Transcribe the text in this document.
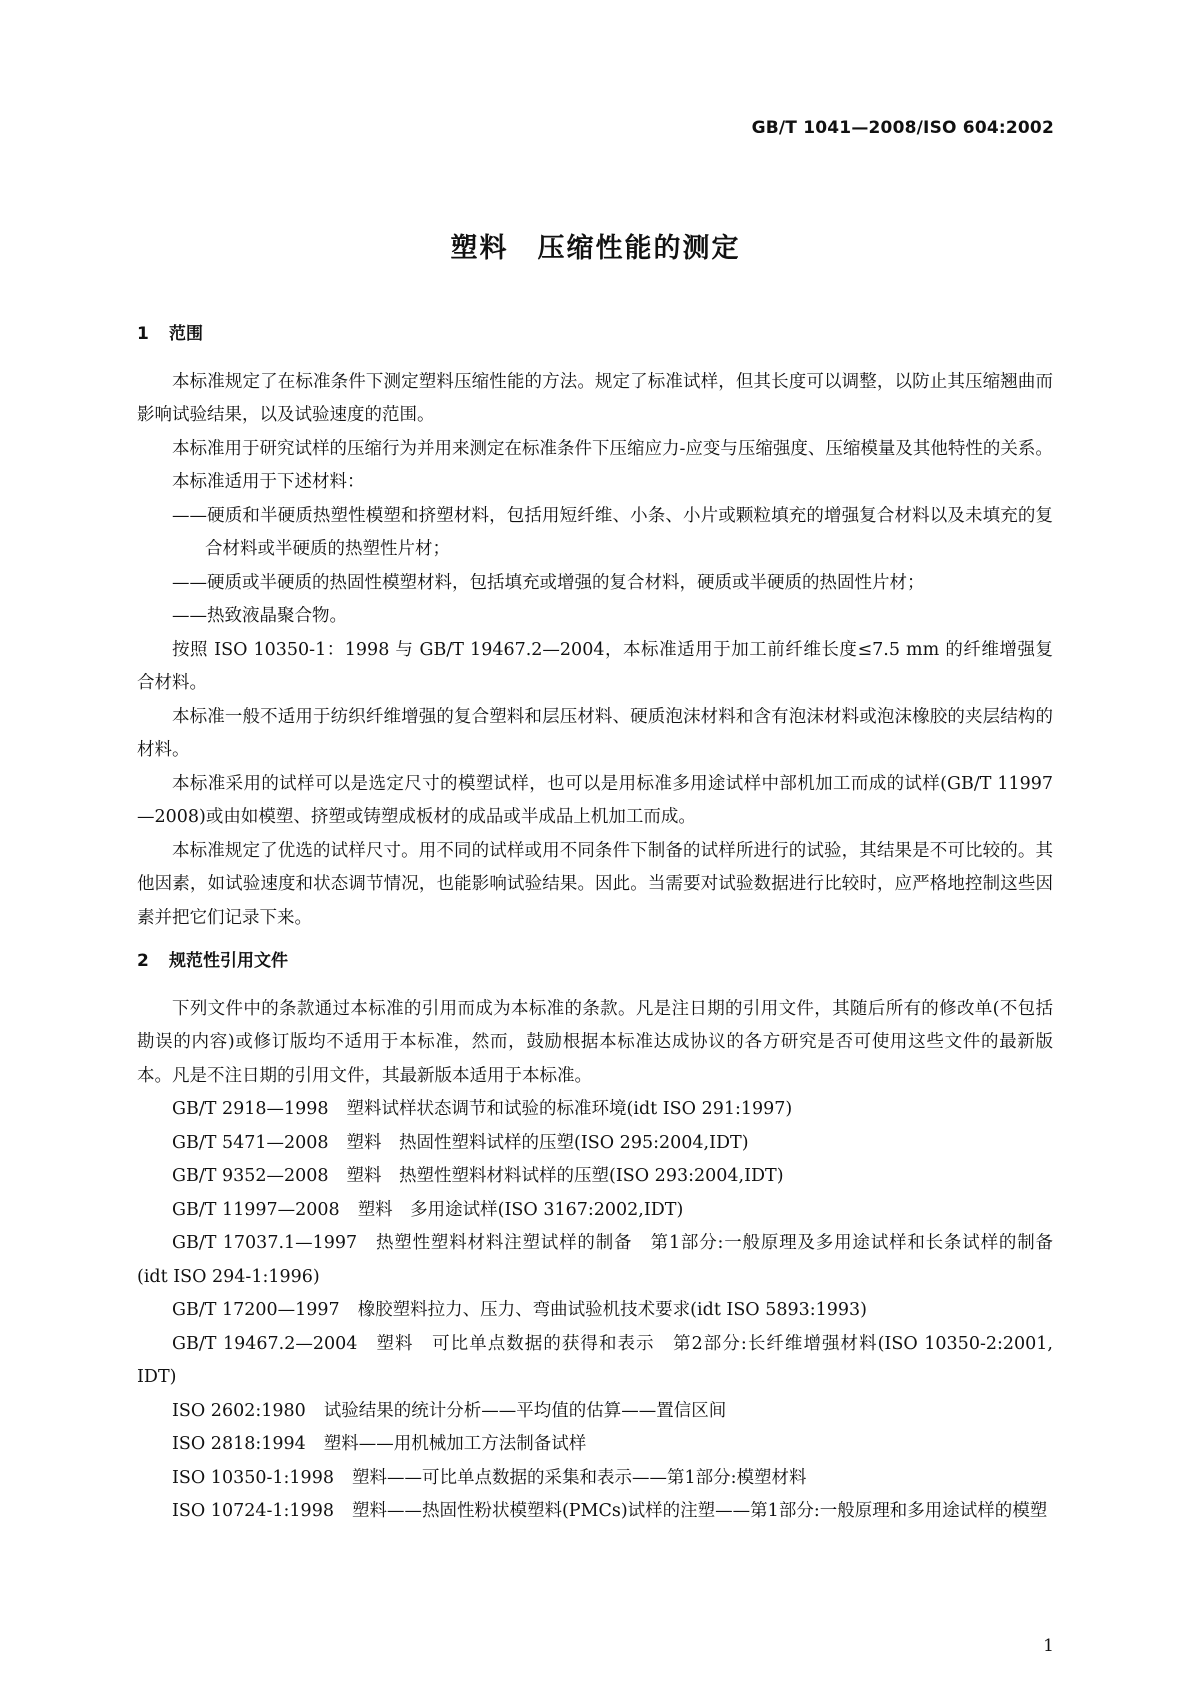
GB/T 1041—2008/ISO 604:2002
塑料　压缩性能的测定
1 范围

本标准规定了在标准条件下测定塑料压缩性能的方法。规定了标准试样，但其长度可以调整，以防止其压缩翘曲而影响试验结果，以及试验速度的范围。

本标准用于研究试样的压缩行为并用来测定在标准条件下压缩应力-应变与压缩强度、压缩模量及其他特性的关系。

本标准适用于下述材料：

——硬质和半硬质热塑性模塑和挤塑材料，包括用短纤维、小条、小片或颗粒填充的增强复合材料以及未填充的复合材料或半硬质的热塑性片材；
——硬质或半硬质的热固性模塑材料，包括填充或增强的复合材料，硬质或半硬质的热固性片材；
——热致液晶聚合物。

按照 ISO 10350-1：1998 与 GB/T 19467.2—2004，本标准适用于加工前纤维长度≤7.5 mm 的纤维增强复合材料。

本标准一般不适用于纺织纤维增强的复合塑料和层压材料、硬质泡沫材料和含有泡沫材料或泡沫橡胶的夹层结构的材料。

本标准采用的试样可以是选定尺寸的模塑试样，也可以是用标准多用途试样中部机加工而成的试样(GB/T 11997—2008)或由如模塑、挤塑或铸塑成板材的成品或半成品上机加工而成。

本标准规定了优选的试样尺寸。用不同的试样或用不同条件下制备的试样所进行的试验，其结果是不可比较的。其他因素，如试验速度和状态调节情况，也能影响试验结果。因此。当需要对试验数据进行比较时，应严格地控制这些因素并把它们记录下来。

2 规范性引用文件

下列文件中的条款通过本标准的引用而成为本标准的条款。凡是注日期的引用文件，其随后所有的修改单(不包括勘误的内容)或修订版均不适用于本标准，然而，鼓励根据本标准达成协议的各方研究是否可使用这些文件的最新版本。凡是不注日期的引用文件，其最新版本适用于本标准。

GB/T 2918—1998 塑料试样状态调节和试验的标准环境(idt ISO 291:1997)
GB/T 5471—2008 塑料　热固性塑料试样的压塑(ISO 295:2004,IDT)
GB/T 9352—2008 塑料　热塑性塑料材料试样的压塑(ISO 293:2004,IDT)
GB/T 11997—2008 塑料　多用途试样(ISO 3167:2002,IDT)
GB/T 17037.1—1997 热塑性塑料材料注塑试样的制备　第1部分:一般原理及多用途试样和长条试样的制备 (idt ISO 294-1:1996)
GB/T 17200—1997 橡胶塑料拉力、压力、弯曲试验机技术要求(idt ISO 5893:1993)
GB/T 19467.2—2004 塑料　可比单点数据的获得和表示　第2部分:长纤维增强材料(ISO 10350-2:2001, IDT)
ISO 2602:1980 试验结果的统计分析——平均值的估算——置信区间
ISO 2818:1994 塑料——用机械加工方法制备试样
ISO 10350-1:1998 塑料——可比单点数据的采集和表示——第1部分:模塑材料
ISO 10724-1:1998 塑料——热固性粉状模塑料(PMCs)试样的注塑——第1部分:一般原理和多用途试样的模塑
1
